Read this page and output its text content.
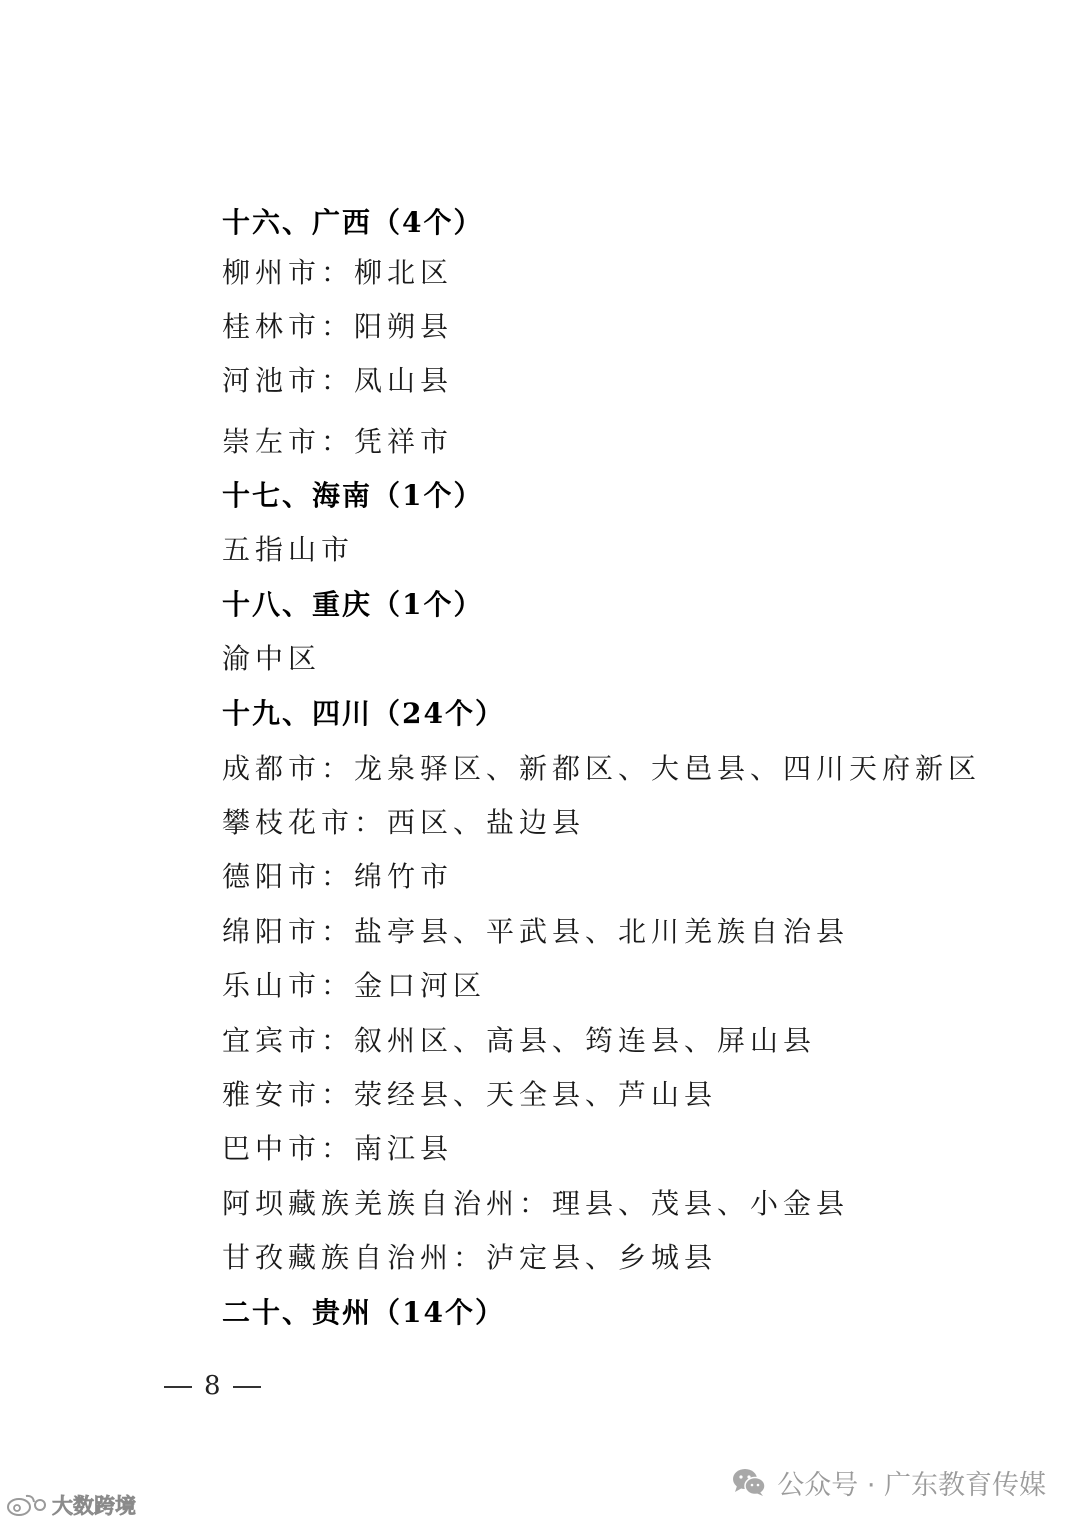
十六、广西（4个）
柳州市：柳北区
桂林市：阳朔县
河池市：凤山县
崇左市：凭祥市
十七、海南（1个）
五指山市
十八、重庆（1个）
渝中区
十九、四川（24个）
成都市：龙泉驿区、新都区、大邑县、四川天府新区
攀枝花市：西区、盐边县
德阳市：绵竹市
绵阳市：盐亭县、平武县、北川羌族自治县
乐山市：金口河区
宜宾市：叙州区、高县、筠连县、屏山县
雅安市：荥经县、天全县、芦山县
巴中市：南江县
阿坝藏族羌族自治州：理县、茂县、小金县
甘孜藏族自治州：泸定县、乡城县
二十、贵州（14个）
8
公众号 · 广东教育传媒
大数跨境
